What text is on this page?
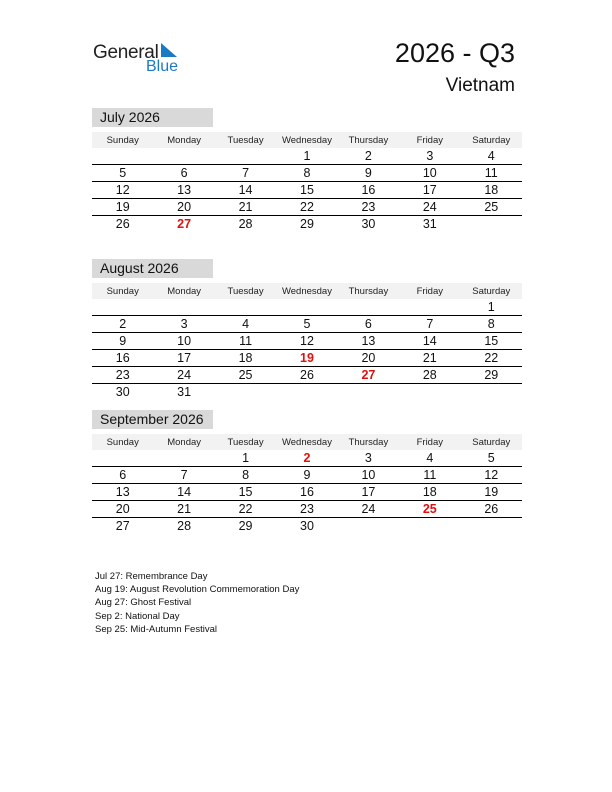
General
Blue	2026 - Q3
Vietnam
July 2026
Sunday	Monday	Tuesday	Wednesday	Thursday	Friday	Saturday
			1	2	3	4
5	6	7	8	9	10	11
12	13	14	15	16	17	18
19	20	21	22	23	24	25
26	27	28	29	30	31	
August 2026
Sunday	Monday	Tuesday	Wednesday	Thursday	Friday	Saturday
						1
2	3	4	5	6	7	8
9	10	11	12	13	14	15
16	17	18	19	20	21	22
23	24	25	26	27	28	29
30	31					
September 2026
Sunday	Monday	Tuesday	Wednesday	Thursday	Friday	Saturday
		1	2	3	4	5
6	7	8	9	10	11	12
13	14	15	16	17	18	19
20	21	22	23	24	25	26
27	28	29	30			
Jul 27: Remembrance Day
Aug 19: August Revolution Commemoration Day
Aug 27: Ghost Festival
Sep 2: National Day
Sep 25: Mid-Autumn Festival
